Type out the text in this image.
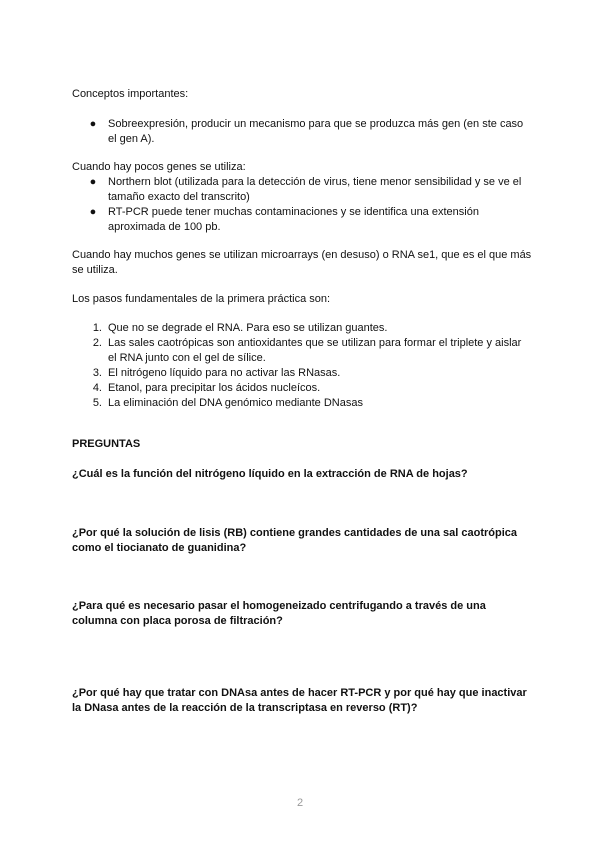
Conceptos importantes:

● Sobreexpresión, producir un mecanismo para que se produzca más gen (en ste caso el gen A).

Cuando hay pocos genes se utiliza:

● Northern blot (utilizada para la detección de virus, tiene menor sensibilidad y se ve el tamaño exacto del transcrito)
● RT-PCR puede tener muchas contaminaciones y se identifica una extensión aproximada de 100 pb.

Cuando hay muchos genes se utilizan microarrays (en desuso) o RNA se1, que es el que más se utiliza.

Los pasos fundamentales de la primera práctica son:

1. Que no se degrade el RNA. Para eso se utilizan guantes.
2. Las sales caotrópicas son antioxidantes que se utilizan para formar el triplete y aislar el RNA junto con el gel de sílice.
3. El nitrógeno líquido para no activar las RNasas.
4. Etanol, para precipitar los ácidos nucleícos.
5. La eliminación del DNA genómico mediante DNasas

PREGUNTAS

¿Cuál es la función del nitrógeno líquido en la extracción de RNA de hojas?

¿Por qué la solución de lisis (RB) contiene grandes cantidades de una sal caotrópica como el tiocianato de guanidina?

¿Para qué es necesario pasar el homogeneizado centrifugando a través de una columna con placa porosa de filtración?

¿Por qué hay que tratar con DNAsa antes de hacer RT-PCR y por qué hay que inactivar la DNasa antes de la reacción de la transcriptasa en reverso (RT)?

2
